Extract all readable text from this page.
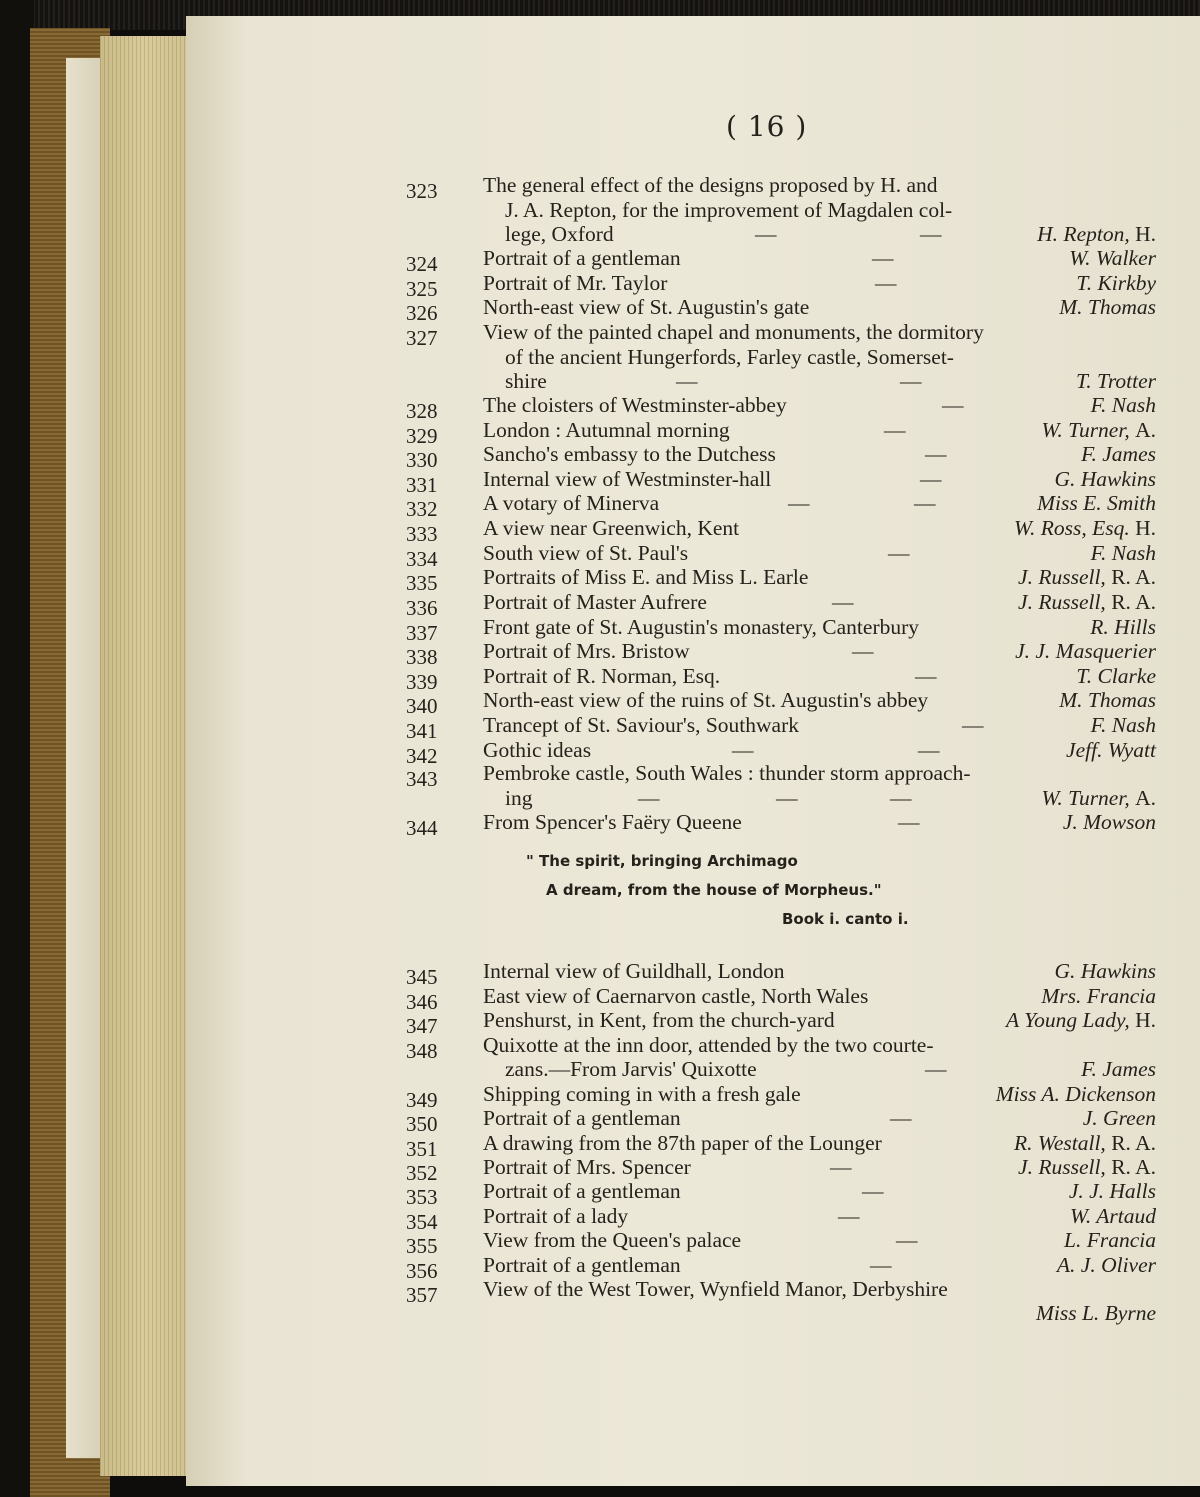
( 16 )
323	The general effect of the designs proposed by H. and
J. A. Repton, for the improvement of Magdalen col-
lege, Oxford	—	—	H. Repton, H.
324	Portrait of a gentleman	—	W. Walker
325	Portrait of Mr. Taylor	—	T. Kirkby
326	North-east view of St. Augustin's gate	M. Thomas
327	View of the painted chapel and monuments, the dormitory
of the ancient Hungerfords, Farley castle, Somerset-
shire	—	—	T. Trotter
328	The cloisters of Westminster-abbey	—	F. Nash
329	London : Autumnal morning	—	W. Turner, A.
330	Sancho's embassy to the Dutchess	—	F. James
331	Internal view of Westminster-hall	—	G. Hawkins
332	A votary of Minerva	—	—	Miss E. Smith
333	A view near Greenwich, Kent	W. Ross, Esq. H.
334	South view of St. Paul's	—	F. Nash
335	Portraits of Miss E. and Miss L. Earle	J. Russell, R. A.
336	Portrait of Master Aufrere	—	J. Russell, R. A.
337	Front gate of St. Augustin's monastery, Canterbury	R. Hills
338	Portrait of Mrs. Bristow	—	J. J. Masquerier
339	Portrait of R. Norman, Esq.	—	T. Clarke
340	North-east view of the ruins of St. Augustin's abbey	M. Thomas
341	Trancept of St. Saviour's, Southwark	—	F. Nash
342	Gothic ideas	—	—	Jeff. Wyatt
343	Pembroke castle, South Wales : thunder storm approach-
ing	—	—	—	W. Turner, A.
344	From Spencer's Faëry Queene	—	J. Mowson
345	Internal view of Guildhall, London	G. Hawkins
346	East view of Caernarvon castle, North Wales	Mrs. Francia
347	Penshurst, in Kent, from the church-yard	A Young Lady, H.
348	Quixotte at the inn door, attended by the two courte-
zans.—From Jarvis' Quixotte	—	F. James
349	Shipping coming in with a fresh gale	Miss A. Dickenson
350	Portrait of a gentleman	—	J. Green
351	A drawing from the 87th paper of the Lounger	R. Westall, R. A.
352	Portrait of Mrs. Spencer	—	J. Russell, R. A.
353	Portrait of a gentleman	—	J. J. Halls
354	Portrait of a lady	—	W. Artaud
355	View from the Queen's palace	—	L. Francia
356	Portrait of a gentleman	—	A. J. Oliver
357	View of the West Tower, Wynfield Manor, Derbyshire
Miss L. Byrne
" The spirit, bringing Archimago
A dream, from the house of Morpheus."
Book i. canto i.
